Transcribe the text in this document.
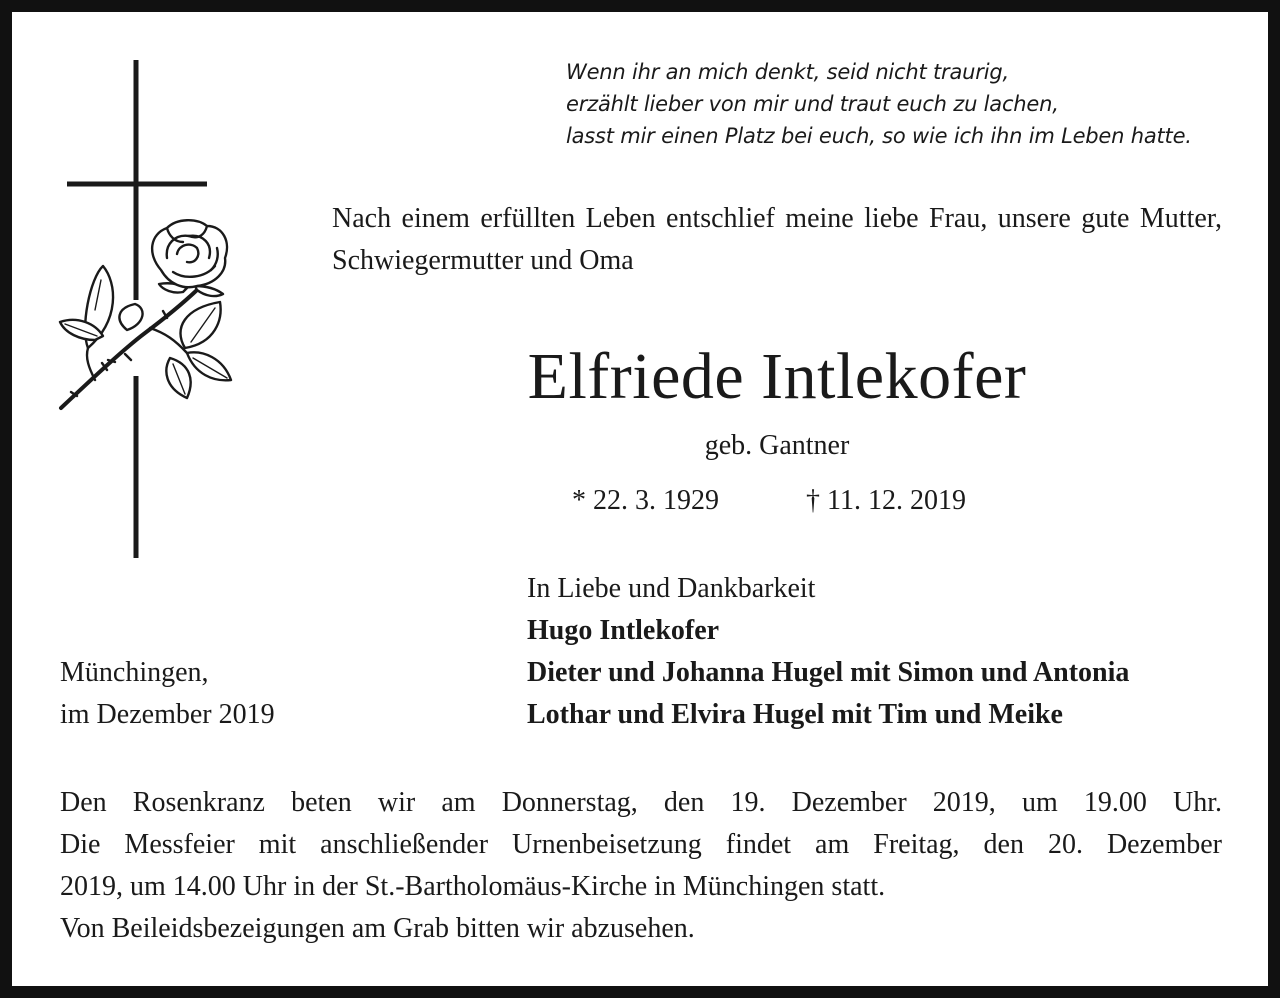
Wenn ihr an mich denkt, seid nicht traurig,
erzählt lieber von mir und traut euch zu lachen,
lasst mir einen Platz bei euch, so wie ich ihn im Leben hatte.
Nach einem erfüllten Leben entschlief meine liebe Frau, unsere gute Mutter, Schwiegermutter und Oma
Elfriede Intlekofer
geb. Gantner
* 22. 3. 1929	† 11. 12. 2019
Münchingen,
im Dezember 2019
In Liebe und Dankbarkeit
Hugo Intlekofer
Dieter und Johanna Hugel mit Simon und Antonia
Lothar und Elvira Hugel mit Tim und Meike
Den Rosenkranz beten wir am Donnerstag, den 19. Dezember 2019, um 19.00 Uhr.
Die Messfeier mit anschließender Urnenbeisetzung findet am Freitag, den 20. Dezember
2019, um 14.00 Uhr in der St.-Bartholomäus-Kirche in Münchingen statt.
Von Beileidsbezeigungen am Grab bitten wir abzusehen.
